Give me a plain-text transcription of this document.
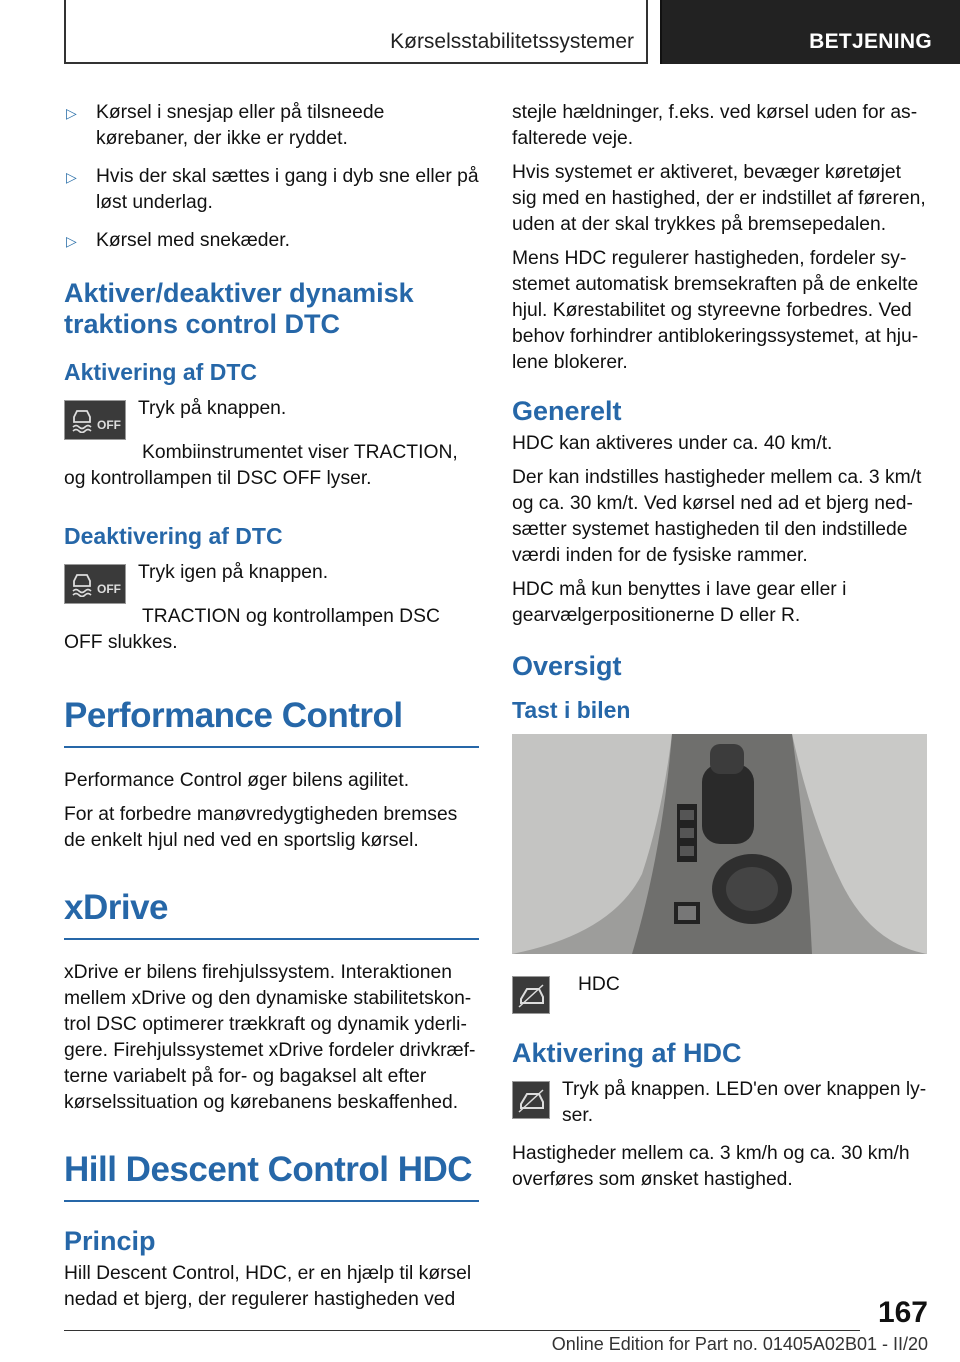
Kørselsstabilitetssystemer	BETJENING
▷ Kørsel i snesjap eller på tilsneede kørebaner, der ikke er ryddet.
▷ Hvis der skal sættes i gang i dyb sne eller på løst underlag.
▷ Kørsel med snekæder.
Aktiver/deaktiver dynamisk traktions control DTC
Aktivering af DTC
OFF

Tryk på knappen.

Kombiinstrumentet viser TRACTION, og kontrollampen til DSC OFF lyser.

Deaktivering af DTC
OFF

Tryk igen på knappen.

TRACTION og kontrollampen DSC OFF slukkes.

Performance Control

Performance Control øger bilens agilitet.

For at forbedre manøvredygtigheden bremses de enkelt hjul ned ved en sportslig kørsel.

xDrive

xDrive er bilens firehjulssystem. Interaktionen mellem xDrive og den dynamiske stabilitetskontrol DSC optimerer trækkraft og dynamik yderligere. Firehjulssystemet xDrive fordeler drivkræfterne variabelt på for- og bagaksel alt efter kørselssituation og kørebanens beskaffenhed.

Hill Descent Control HDC
Princip

Hill Descent Control, HDC, er en hjælp til kørsel nedad et bjerg, der regulerer hastigheden ved

stejle hældninger, f.eks. ved kørsel uden for asfalterede veje.

Hvis systemet er aktiveret, bevæger køretøjet sig med en hastighed, der er indstillet af føreren, uden at der skal trykkes på bremsepedalen.

Mens HDC regulerer hastigheden, fordeler systemet automatisk bremsekraften på de enkelte hjul. Kørestabilitet og styreevne forbedres. Ved behov forhindrer antiblokeringssystemet, at hjulene blokerer.

Generelt

HDC kan aktiveres under ca. 40 km/t.

Der kan indstilles hastigheder mellem ca. 3 km/t og ca. 30 km/t. Ved kørsel ned ad et bjerg nedsætter systemet hastigheden til den indstillede værdi inden for de fysiske rammer.

HDC må kun benyttes i lave gear eller i gearvælgerpositionerne D eller R.

Oversigt
Tast i bilen

HDC

Aktivering af HDC

Tryk på knappen. LED'en over knappen lyser.

Hastigheder mellem ca. 3 km/h og ca. 30 km/h overføres som ønsket hastighed.

167
Online Edition for Part no. 01405A02B01 - II/20
